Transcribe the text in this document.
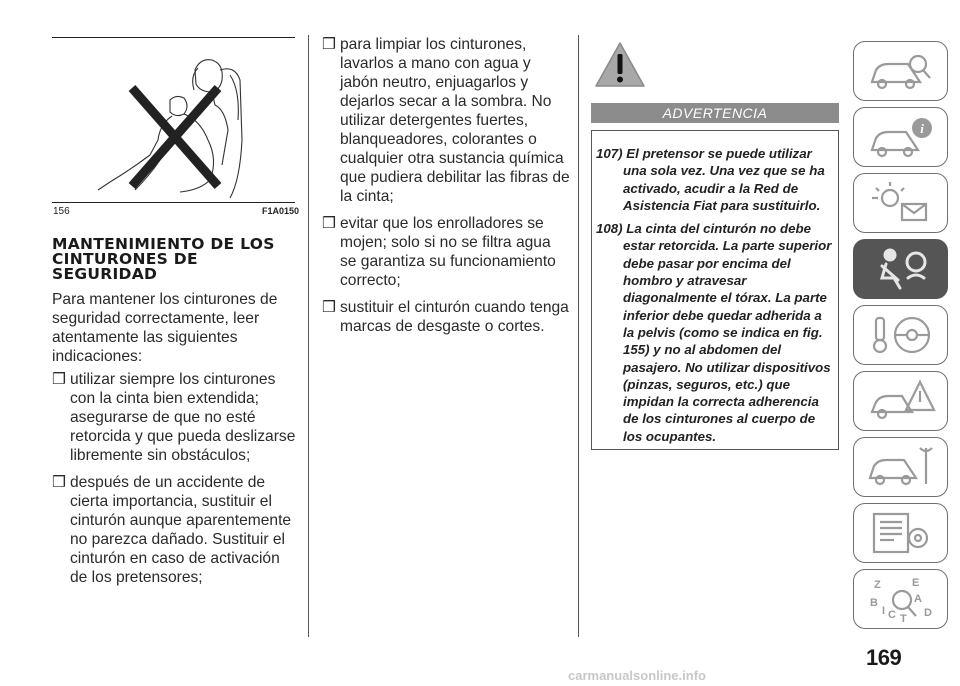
156	F1A0150
MANTENIMIENTO DE LOS CINTURONES DE SEGURIDAD

Para mantener los cinturones de seguridad correctamente, leer atentamente las siguientes indicaciones:

❒ utilizar siempre los cinturones con la cinta bien extendida; asegurarse de que no esté retorcida y que pueda deslizarse libremente sin obstáculos;
❒ después de un accidente de cierta importancia, sustituir el cinturón aunque aparentemente no parezca dañado. Sustituir el cinturón en caso de activación de los pretensores;
❒ para limpiar los cinturones, lavarlos a mano con agua y jabón neutro, enjuagarlos y dejarlos secar a la sombra. No utilizar detergentes fuertes, blanqueadores, colorantes o cualquier otra sustancia química que pudiera debilitar las fibras de la cinta;
❒ evitar que los enrolladores se mojen; solo si no se filtra agua se garantiza su funcionamiento correcto;
❒ sustituir el cinturón cuando tenga marcas de desgaste o cortes.
ADVERTENCIA
107) El pretensor se puede utilizar una sola vez. Una vez que se ha activado, acudir a la Red de Asistencia Fiat para sustituirlo.
108) La cinta del cinturón no debe estar retorcida. La parte superior debe pasar por encima del hombro y atravesar diagonalmente el tórax. La parte inferior debe quedar adherida a la pelvis (como se indica en fig. 155) y no al abdomen del pasajero. No utilizar dispositivos (pinzas, seguros, etc.) que impidan la correcta adherencia de los cinturones al cuerpo de los ocupantes.
i
Z	E
B	A
I C T D
169
carmanualsonline.info
